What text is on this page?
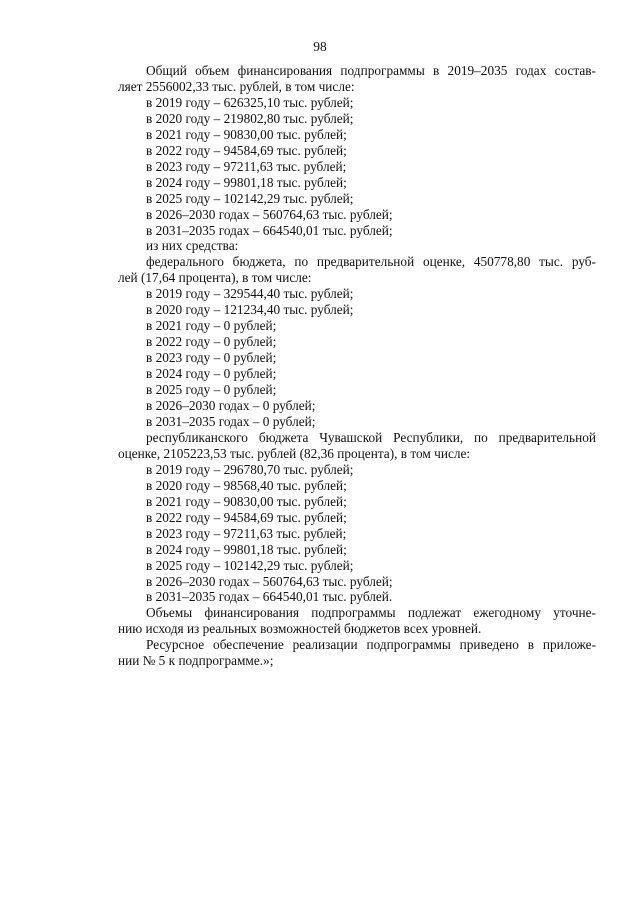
98
Общий объем финансирования подпрограммы в 2019–2035 годах состав-
ляет 2556002,33 тыс. рублей, в том числе:
в 2019 году – 626325,10 тыс. рублей;
в 2020 году – 219802,80 тыс. рублей;
в 2021 году – 90830,00 тыс. рублей;
в 2022 году – 94584,69 тыс. рублей;
в 2023 году – 97211,63 тыс. рублей;
в 2024 году – 99801,18 тыс. рублей;
в 2025 году – 102142,29 тыс. рублей;
в 2026–2030 годах – 560764,63 тыс. рублей;
в 2031–2035 годах – 664540,01 тыс. рублей;
из них средства:
федерального бюджета, по предварительной оценке, 450778,80 тыс. руб-
лей (17,64 процента), в том числе:
в 2019 году – 329544,40 тыс. рублей;
в 2020 году – 121234,40 тыс. рублей;
в 2021 году – 0 рублей;
в 2022 году – 0 рублей;
в 2023 году – 0 рублей;
в 2024 году – 0 рублей;
в 2025 году – 0 рублей;
в 2026–2030 годах – 0 рублей;
в 2031–2035 годах – 0 рублей;
республиканского бюджета Чувашской Республики, по предварительной
оценке, 2105223,53 тыс. рублей (82,36 процента), в том числе:
в 2019 году – 296780,70 тыс. рублей;
в 2020 году – 98568,40 тыс. рублей;
в 2021 году – 90830,00 тыс. рублей;
в 2022 году – 94584,69 тыс. рублей;
в 2023 году – 97211,63 тыс. рублей;
в 2024 году – 99801,18 тыс. рублей;
в 2025 году – 102142,29 тыс. рублей;
в 2026–2030 годах – 560764,63 тыс. рублей;
в 2031–2035 годах – 664540,01 тыс. рублей.
Объемы финансирования подпрограммы подлежат ежегодному уточне-
нию исходя из реальных возможностей бюджетов всех уровней.
Ресурсное обеспечение реализации подпрограммы приведено в приложе-
нии № 5 к подпрограмме.»;
